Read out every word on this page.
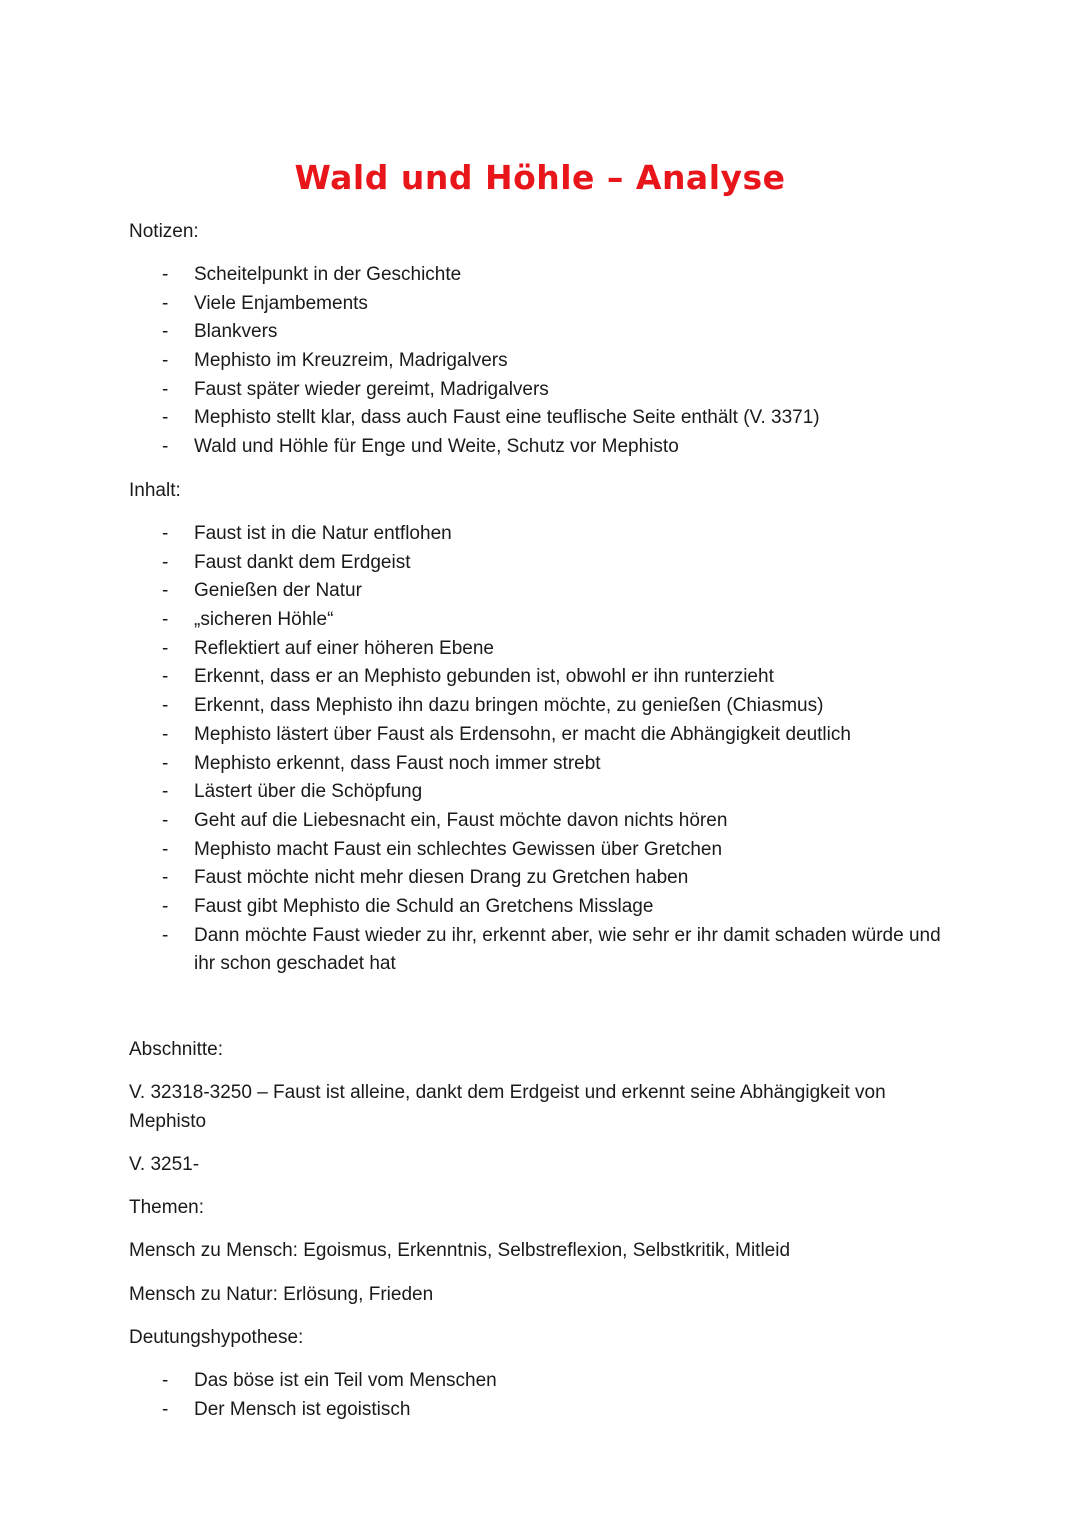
Wald und Höhle – Analyse
Notizen:
- Scheitelpunkt in der Geschichte
- Viele Enjambements
- Blankvers
- Mephisto im Kreuzreim, Madrigalvers
- Faust später wieder gereimt, Madrigalvers
- Mephisto stellt klar, dass auch Faust eine teuflische Seite enthält (V. 3371)
- Wald und Höhle für Enge und Weite, Schutz vor Mephisto
Inhalt:
- Faust ist in die Natur entflohen
- Faust dankt dem Erdgeist
- Genießen der Natur
- „sicheren Höhle“
- Reflektiert auf einer höheren Ebene
- Erkennt, dass er an Mephisto gebunden ist, obwohl er ihn runterzieht
- Erkennt, dass Mephisto ihn dazu bringen möchte, zu genießen (Chiasmus)
- Mephisto lästert über Faust als Erdensohn, er macht die Abhängigkeit deutlich
- Mephisto erkennt, dass Faust noch immer strebt
- Lästert über die Schöpfung
- Geht auf die Liebesnacht ein, Faust möchte davon nichts hören
- Mephisto macht Faust ein schlechtes Gewissen über Gretchen
- Faust möchte nicht mehr diesen Drang zu Gretchen haben
- Faust gibt Mephisto die Schuld an Gretchens Misslage
- Dann möchte Faust wieder zu ihr, erkennt aber, wie sehr er ihr damit schaden würde und ihr schon geschadet hat
Abschnitte:
V. 32318-3250 – Faust ist alleine, dankt dem Erdgeist und erkennt seine Abhängigkeit von Mephisto
V. 3251-
Themen:
Mensch zu Mensch: Egoismus, Erkenntnis, Selbstreflexion, Selbstkritik, Mitleid
Mensch zu Natur: Erlösung, Frieden
Deutungshypothese:
- Das böse ist ein Teil vom Menschen
- Der Mensch ist egoistisch
